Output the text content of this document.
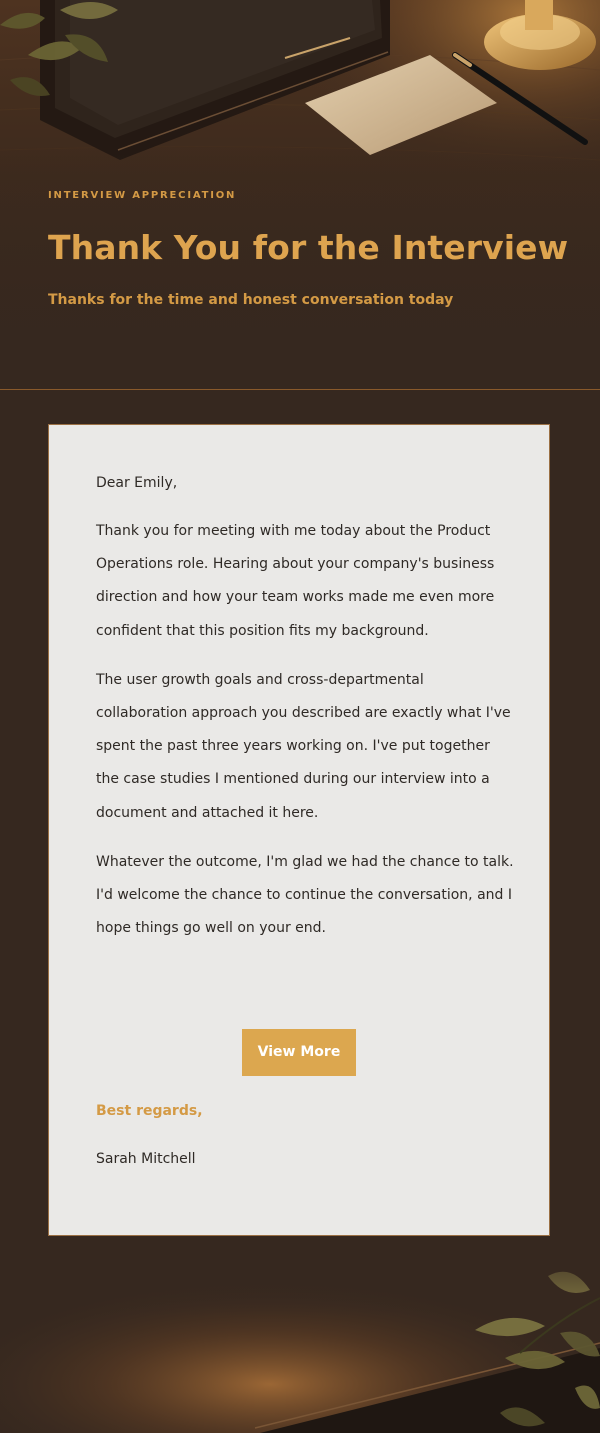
INTERVIEW APPRECIATION

Thank You for the Interview

Thanks for the time and honest conversation today

Dear Emily,

Thank you for meeting with me today about the Product Operations role. Hearing about your company's business direction and how your team works made me even more confident that this position fits my background.

The user growth goals and cross-departmental collaboration approach you described are exactly what I've spent the past three years working on. I've put together the case studies I mentioned during our interview into a document and attached it here.

Whatever the outcome, I'm glad we had the chance to talk. I'd welcome the chance to continue the conversation, and I hope things go well on your end.

View More

Best regards,

Sarah Mitchell
